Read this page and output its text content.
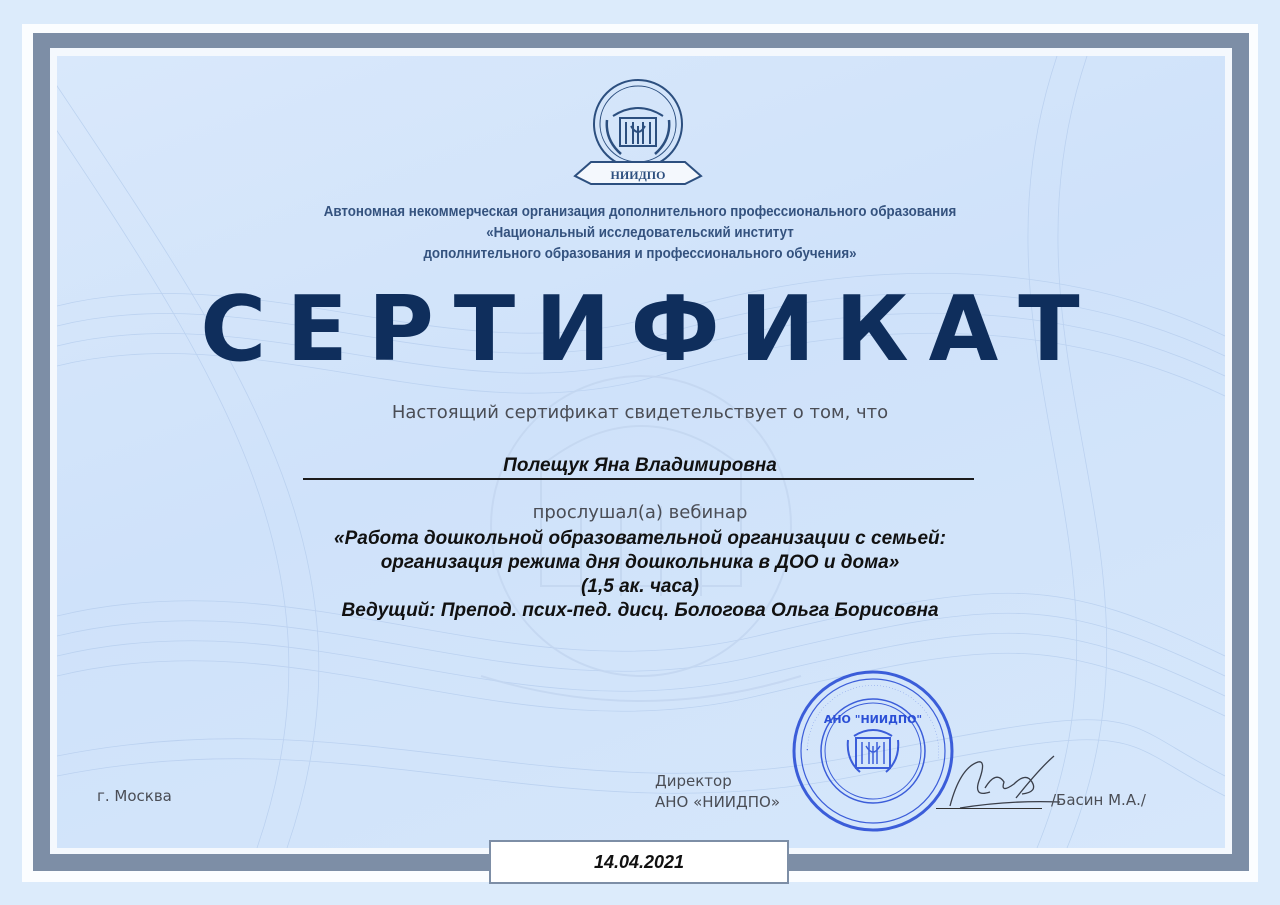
НИИДПО
Автономная некоммерческая организация дополнительного профессионального образования
«Национальный исследовательский институт
дополнительного образования и профессионального обучения»
СЕРТИФИКАТ
Настоящий сертификат свидетельствует о том, что
Полещук Яна Владимировна
прослушал(а) вебинар
«Работа дошкольной образовательной организации с семьей:
организация режима дня дошкольника в ДОО и дома»
(1,5 ак. часа)
Ведущий: Препод. псих-пед. дисц. Бологова Ольга Борисовна
г. Москва
Директор
АНО «НИИДПО»
• · · · · · · · · · · · · · · · · · · · · · · · · · · · · · · · · · · · · · · · · · · · · · · · · · · · · · · · · · · · · · · · · · · · · · ·
АНО "НИИДПО"
/Басин М.А./
14.04.2021
